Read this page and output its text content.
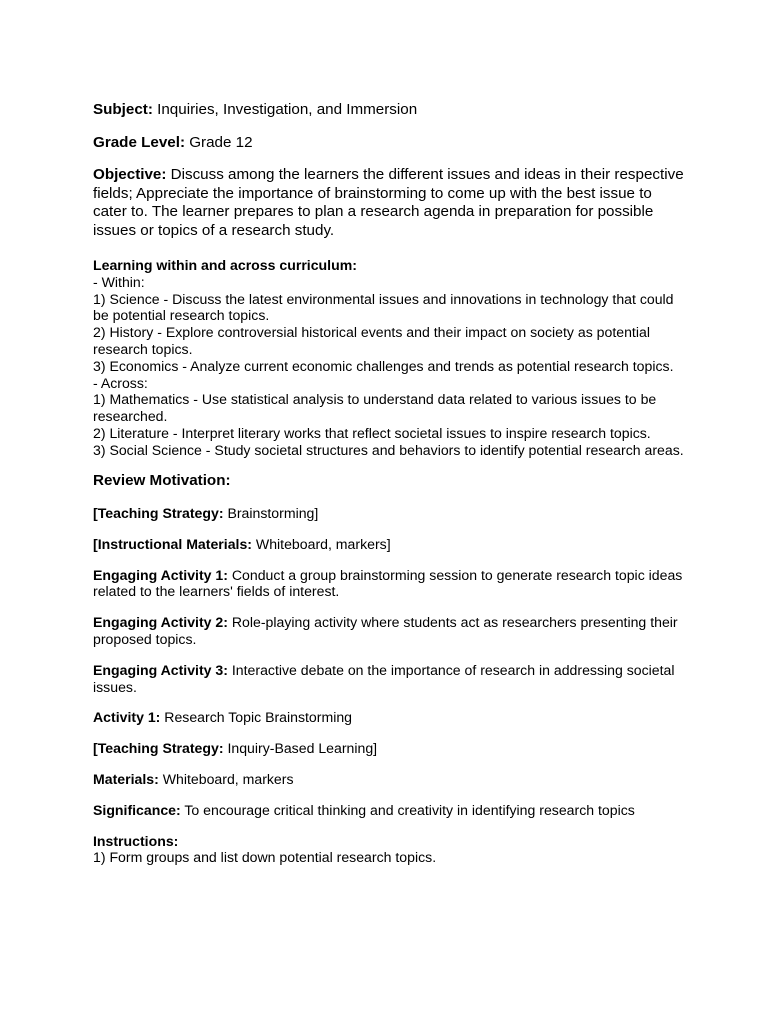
Subject: Inquiries, Investigation, and Immersion

Grade Level: Grade 12

Objective: Discuss among the learners the different issues and ideas in their respective fields; Appreciate the importance of brainstorming to come up with the best issue to cater to. The learner prepares to plan a research agenda in preparation for possible issues or topics of a research study.

Learning within and across curriculum:
- Within:
1) Science - Discuss the latest environmental issues and innovations in technology that could be potential research topics.
2) History - Explore controversial historical events and their impact on society as potential research topics.
3) Economics - Analyze current economic challenges and trends as potential research topics.
- Across:
1) Mathematics - Use statistical analysis to understand data related to various issues to be researched.
2) Literature - Interpret literary works that reflect societal issues to inspire research topics.
3) Social Science - Study societal structures and behaviors to identify potential research areas.

Review Motivation:

[Teaching Strategy: Brainstorming]

[Instructional Materials: Whiteboard, markers]

Engaging Activity 1: Conduct a group brainstorming session to generate research topic ideas related to the learners' fields of interest.

Engaging Activity 2: Role-playing activity where students act as researchers presenting their proposed topics.

Engaging Activity 3: Interactive debate on the importance of research in addressing societal issues.

Activity 1: Research Topic Brainstorming

[Teaching Strategy: Inquiry-Based Learning]

Materials: Whiteboard, markers

Significance: To encourage critical thinking and creativity in identifying research topics

Instructions:
1) Form groups and list down potential research topics.
